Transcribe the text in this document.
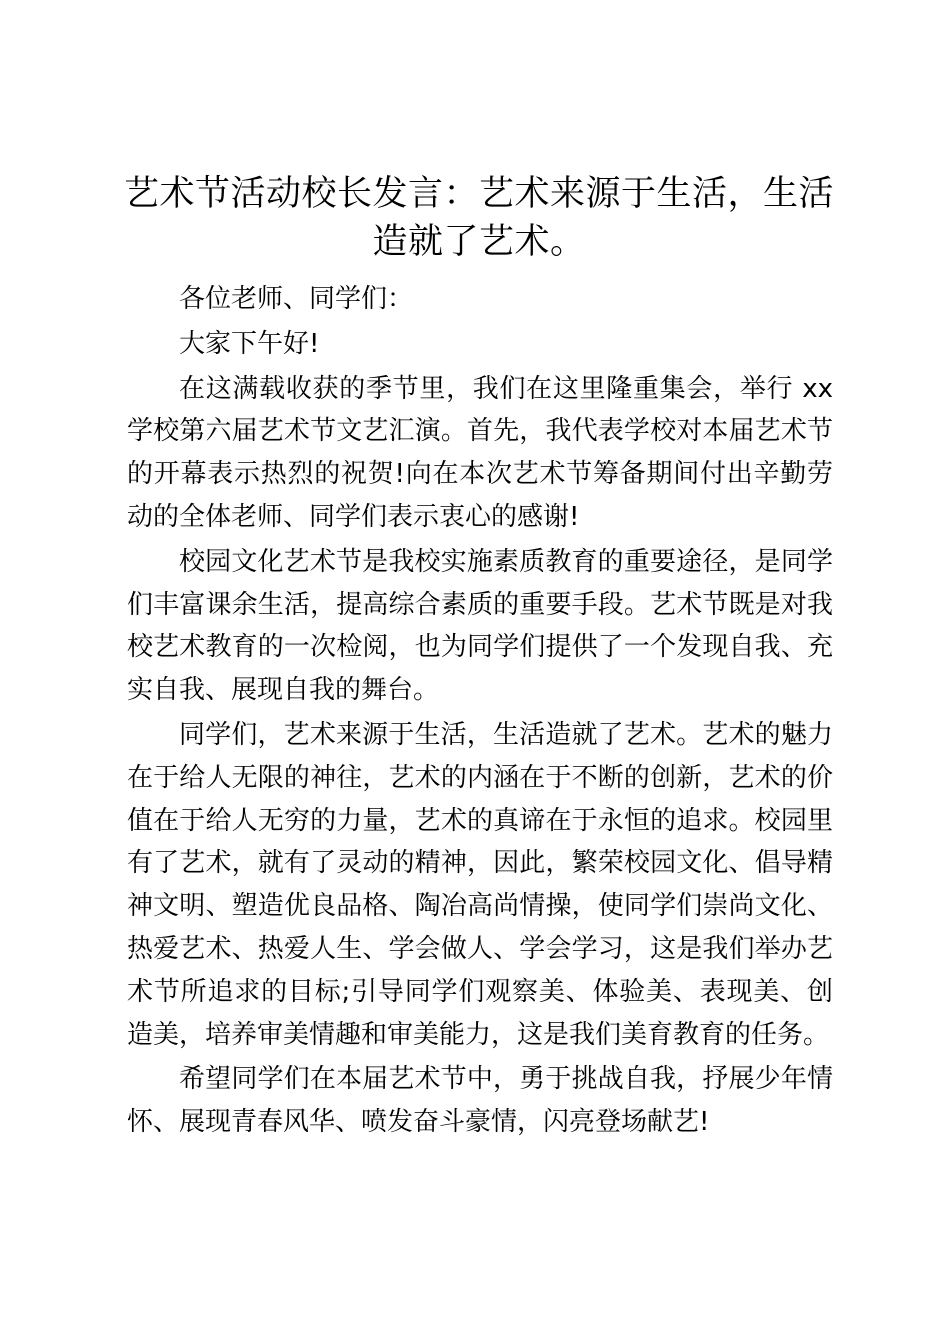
艺术节活动校长发言：艺术来源于生活，生活造就了艺术。

各位老师、同学们：

大家下午好!

在这满载收获的季节里，我们在这里隆重集会，举行 xx 学校第六届艺术节文艺汇演。首先，我代表学校对本届艺术节的开幕表示热烈的祝贺!向在本次艺术节筹备期间付出辛勤劳动的全体老师、同学们表示衷心的感谢!

校园文化艺术节是我校实施素质教育的重要途径，是同学们丰富课余生活，提高综合素质的重要手段。艺术节既是对我校艺术教育的一次检阅，也为同学们提供了一个发现自我、充实自我、展现自我的舞台。

同学们，艺术来源于生活，生活造就了艺术。艺术的魅力在于给人无限的神往，艺术的内涵在于不断的创新，艺术的价值在于给人无穷的力量，艺术的真谛在于永恒的追求。校园里有了艺术，就有了灵动的精神，因此，繁荣校园文化、倡导精神文明、塑造优良品格、陶冶高尚情操，使同学们崇尚文化、热爱艺术、热爱人生、学会做人、学会学习，这是我们举办艺术节所追求的目标;引导同学们观察美、体验美、表现美、创造美，培养审美情趣和审美能力，这是我们美育教育的任务。

希望同学们在本届艺术节中，勇于挑战自我，抒展少年情怀、展现青春风华、喷发奋斗豪情，闪亮登场献艺!
